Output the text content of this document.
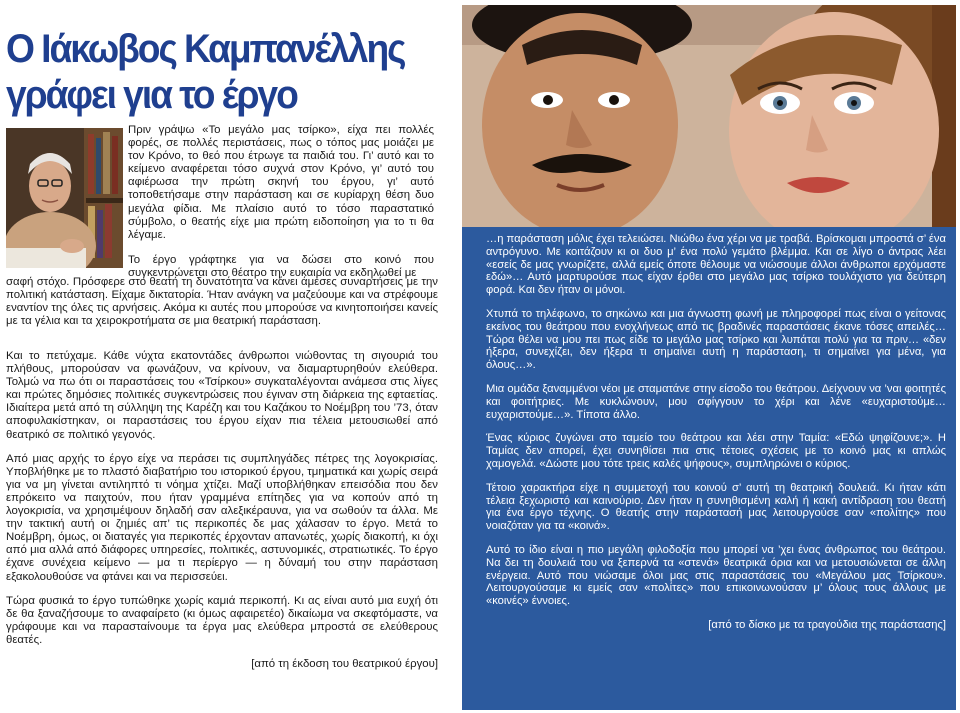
Ο Ιάκωβος Καμπανέλλης
γράφει για το έργο

Πριν γράψω «Το μεγάλο μας τσίρκο», είχα πει πολλές φορές, σε πολλές περιστάσεις, πως ο τόπος μας μοιάζει με τον Κρόνο, το θεό που έτρωγε τα παιδιά του. Γι’ αυτό και το κείμενο αναφέρεται τόσο συχνά στον Κρόνο, γι’ αυτό του αφιέρωσα την πρώτη σκηνή του έργου, γι’ αυτό τοποθετήσαμε στην παράσταση και σε κυρίαρχη θέση δυο μεγάλα φίδια. Με πλαίσιο αυτό το τόσο παραστατικό σύμβολο, ο θεατής είχε μια πρώτη ειδοποίηση για το τι θα λέγαμε.

Το έργο γράφτηκε για να δώσει στο κοινό που συγκεντρώνεται στο θέατρο την ευκαιρία να εκδηλωθεί με

σαφή στόχο. Πρόσφερε στο θεατή τη δυνατότητα να κάνει άμεσες συναρτήσεις με την πολιτική κατάσταση. Είχαμε δικτατορία. Ήταν ανάγκη να μαζεύουμε και να στρέφουμε εναντίον της όλες τις αρνήσεις. Ακόμα κι αυτές που μπορούσε να κινητοποιήσει κανείς με τα γέλια και τα χειροκροτήματα σε μια θεατρική παράσταση.

Και το πετύχαμε. Κάθε νύχτα εκατοντάδες άνθρωποι νιώθοντας τη σιγουριά του πλήθους, μπορούσαν να φωνάζουν, να κρίνουν, να διαμαρτυρηθούν ελεύθερα. Τολμώ να πω ότι οι παραστάσεις του «Τσίρκου» συγκαταλέγονται ανάμεσα στις λίγες και πρώτες δημόσιες πολιτικές συγκεντρώσεις που έγιναν στη διάρκεια της εφταετίας. Ιδιαίτερα μετά από τη σύλληψη της Καρέζη και του Καζάκου το Νοέμβρη του ’73, όταν αποφυλακίστηκαν, οι παραστάσεις του έργου είχαν πια τέλεια μετουσιωθεί από θεατρικό σε πολιτικό γεγονός.

Από μιας αρχής το έργο είχε να περάσει τις συμπληγάδες πέτρες της λογοκρισίας. Υποβλήθηκε με το πλαστό διαβατήριο του ιστορικού έργου, τμηματικά και χωρίς σειρά για να μη γίνεται αντιληπτό τι νόημα χτίζει. Μαζί υποβλήθηκαν επεισόδια που δεν επρόκειτο να παιχτούν, που ήταν γραμμένα επίτηδες για να κοπούν από τη λογοκρισία, να χρησιμέψουν δηλαδή σαν αλεξικέραυνα, για να σωθούν τα άλλα. Με την τακτική αυτή οι ζημιές απ’ τις περικοπές δε μας χάλασαν το έργο. Μετά το Νοέμβρη, όμως, οι διαταγές για περικοπές έρχονταν απανωτές, χωρίς διακοπή, κι όχι από μια αλλά από διάφορες υπηρεσίες, πολιτικές, αστυνομικές, στρατιωτικές. Το έργο έχανε συνέχεια κείμενο — μα τι περίεργο — η δύναμή του στην παράσταση εξακολουθούσε να φτάνει και να περισσεύει.

Τώρα φυσικά το έργο τυπώθηκε χωρίς καμιά περικοπή. Κι ας είναι αυτό μια ευχή ότι δε θα ξαναζήσουμε το αναφαίρετο (κι όμως αφαιρετέο) δικαίωμα να σκεφτόμαστε, να γράφουμε και να παρασταίνουμε τα έργα μας ελεύθερα μπροστά σε ελεύθερους θεατές.

[από τη έκδοση του θεατρικού έργου]

…η παράσταση μόλις έχει τελειώσει. Νιώθω ένα χέρι να με τραβά. Βρίσκομαι μπροστά σ’ ένα αντρόγυνο. Με κοιτάζουν κι οι δυο μ’ ένα πολύ γεμάτο βλέμμα. Και σε λίγο ο άντρας λέει «εσείς δε μας γνωρίζετε, αλλά εμείς όποτε θέλουμε να νιώσουμε άλλοι άνθρωποι ερχόμαστε εδώ»… Αυτό μαρτυρούσε πως είχαν έρθει στο μεγάλο μας τσίρκο τουλάχιστο για δεύτερη φορά. Και δεν ήταν οι μόνοι.

Χτυπά το τηλέφωνο, το σηκώνω και μια άγνωστη φωνή με πληροφορεί πως είναι ο γείτονας εκείνος του θεάτρου που ενοχλήνεως από τις βραδινές παραστάσεις έκανε τόσες απειλές… Τώρα θέλει να μου πει πως είδε το μεγάλο μας τσίρκο και λυπάται πολύ για τα πριν… «δεν ήξερα, συνεχίζει, δεν ήξερα τι σημαίνει αυτή η παράσταση, τι σημαίνει για μένα, για όλους…».

Μια ομάδα ξαναμμένοι νέοι με σταματάνε στην είσοδο του θεάτρου. Δείχνουν να ’ναι φοιτητές και φοιτήτριες. Με κυκλώνουν, μου σφίγγουν το χέρι και λένε «ευχαριστούμε… ευχαριστούμε…». Τίποτα άλλο.

Ένας κύριος ζυγώνει στο ταμείο του θεάτρου και λέει στην Ταμία: «Εδώ ψηφίζουνε;». Η Ταμίας δεν απορεί, έχει συνηθίσει πια στις τέτοιες σχέσεις με το κοινό μας κι απλώς χαμογελά. «Δώστε μου τότε τρεις καλές ψήφους», συμπληρώνει ο κύριος.

Τέτοιο χαρακτήρα είχε η συμμετοχή του κοινού σ’ αυτή τη θεατρική δουλειά. Κι ήταν κάτι τέλεια ξεχωριστό και καινούριο. Δεν ήταν η συνηθισμένη καλή ή κακή αντίδραση του θεατή για ένα έργο τέχνης. Ο θεατής στην παράστασή μας λειτουργούσε σαν «πολίτης» που νοιαζόταν για τα «κοινά».

Αυτό το ίδιο είναι η πιο μεγάλη φιλοδοξία που μπορεί να ’χει ένας άνθρωπος του θεάτρου. Να δει τη δουλειά του να ξεπερνά τα «στενά» θεατρικά όρια και να μετουσιώνεται σε άλλη ενέργεια. Αυτό που νιώσαμε όλοι μας στις παραστάσεις του «Μεγάλου μας Τσίρκου». Λειτουργούσαμε κι εμείς σαν «πολίτες» που επικοινωνούσαν μ’ όλους τους άλλους με «κοινές» έννοιες.

[από το δίσκο με τα τραγούδια της παράστασης]
